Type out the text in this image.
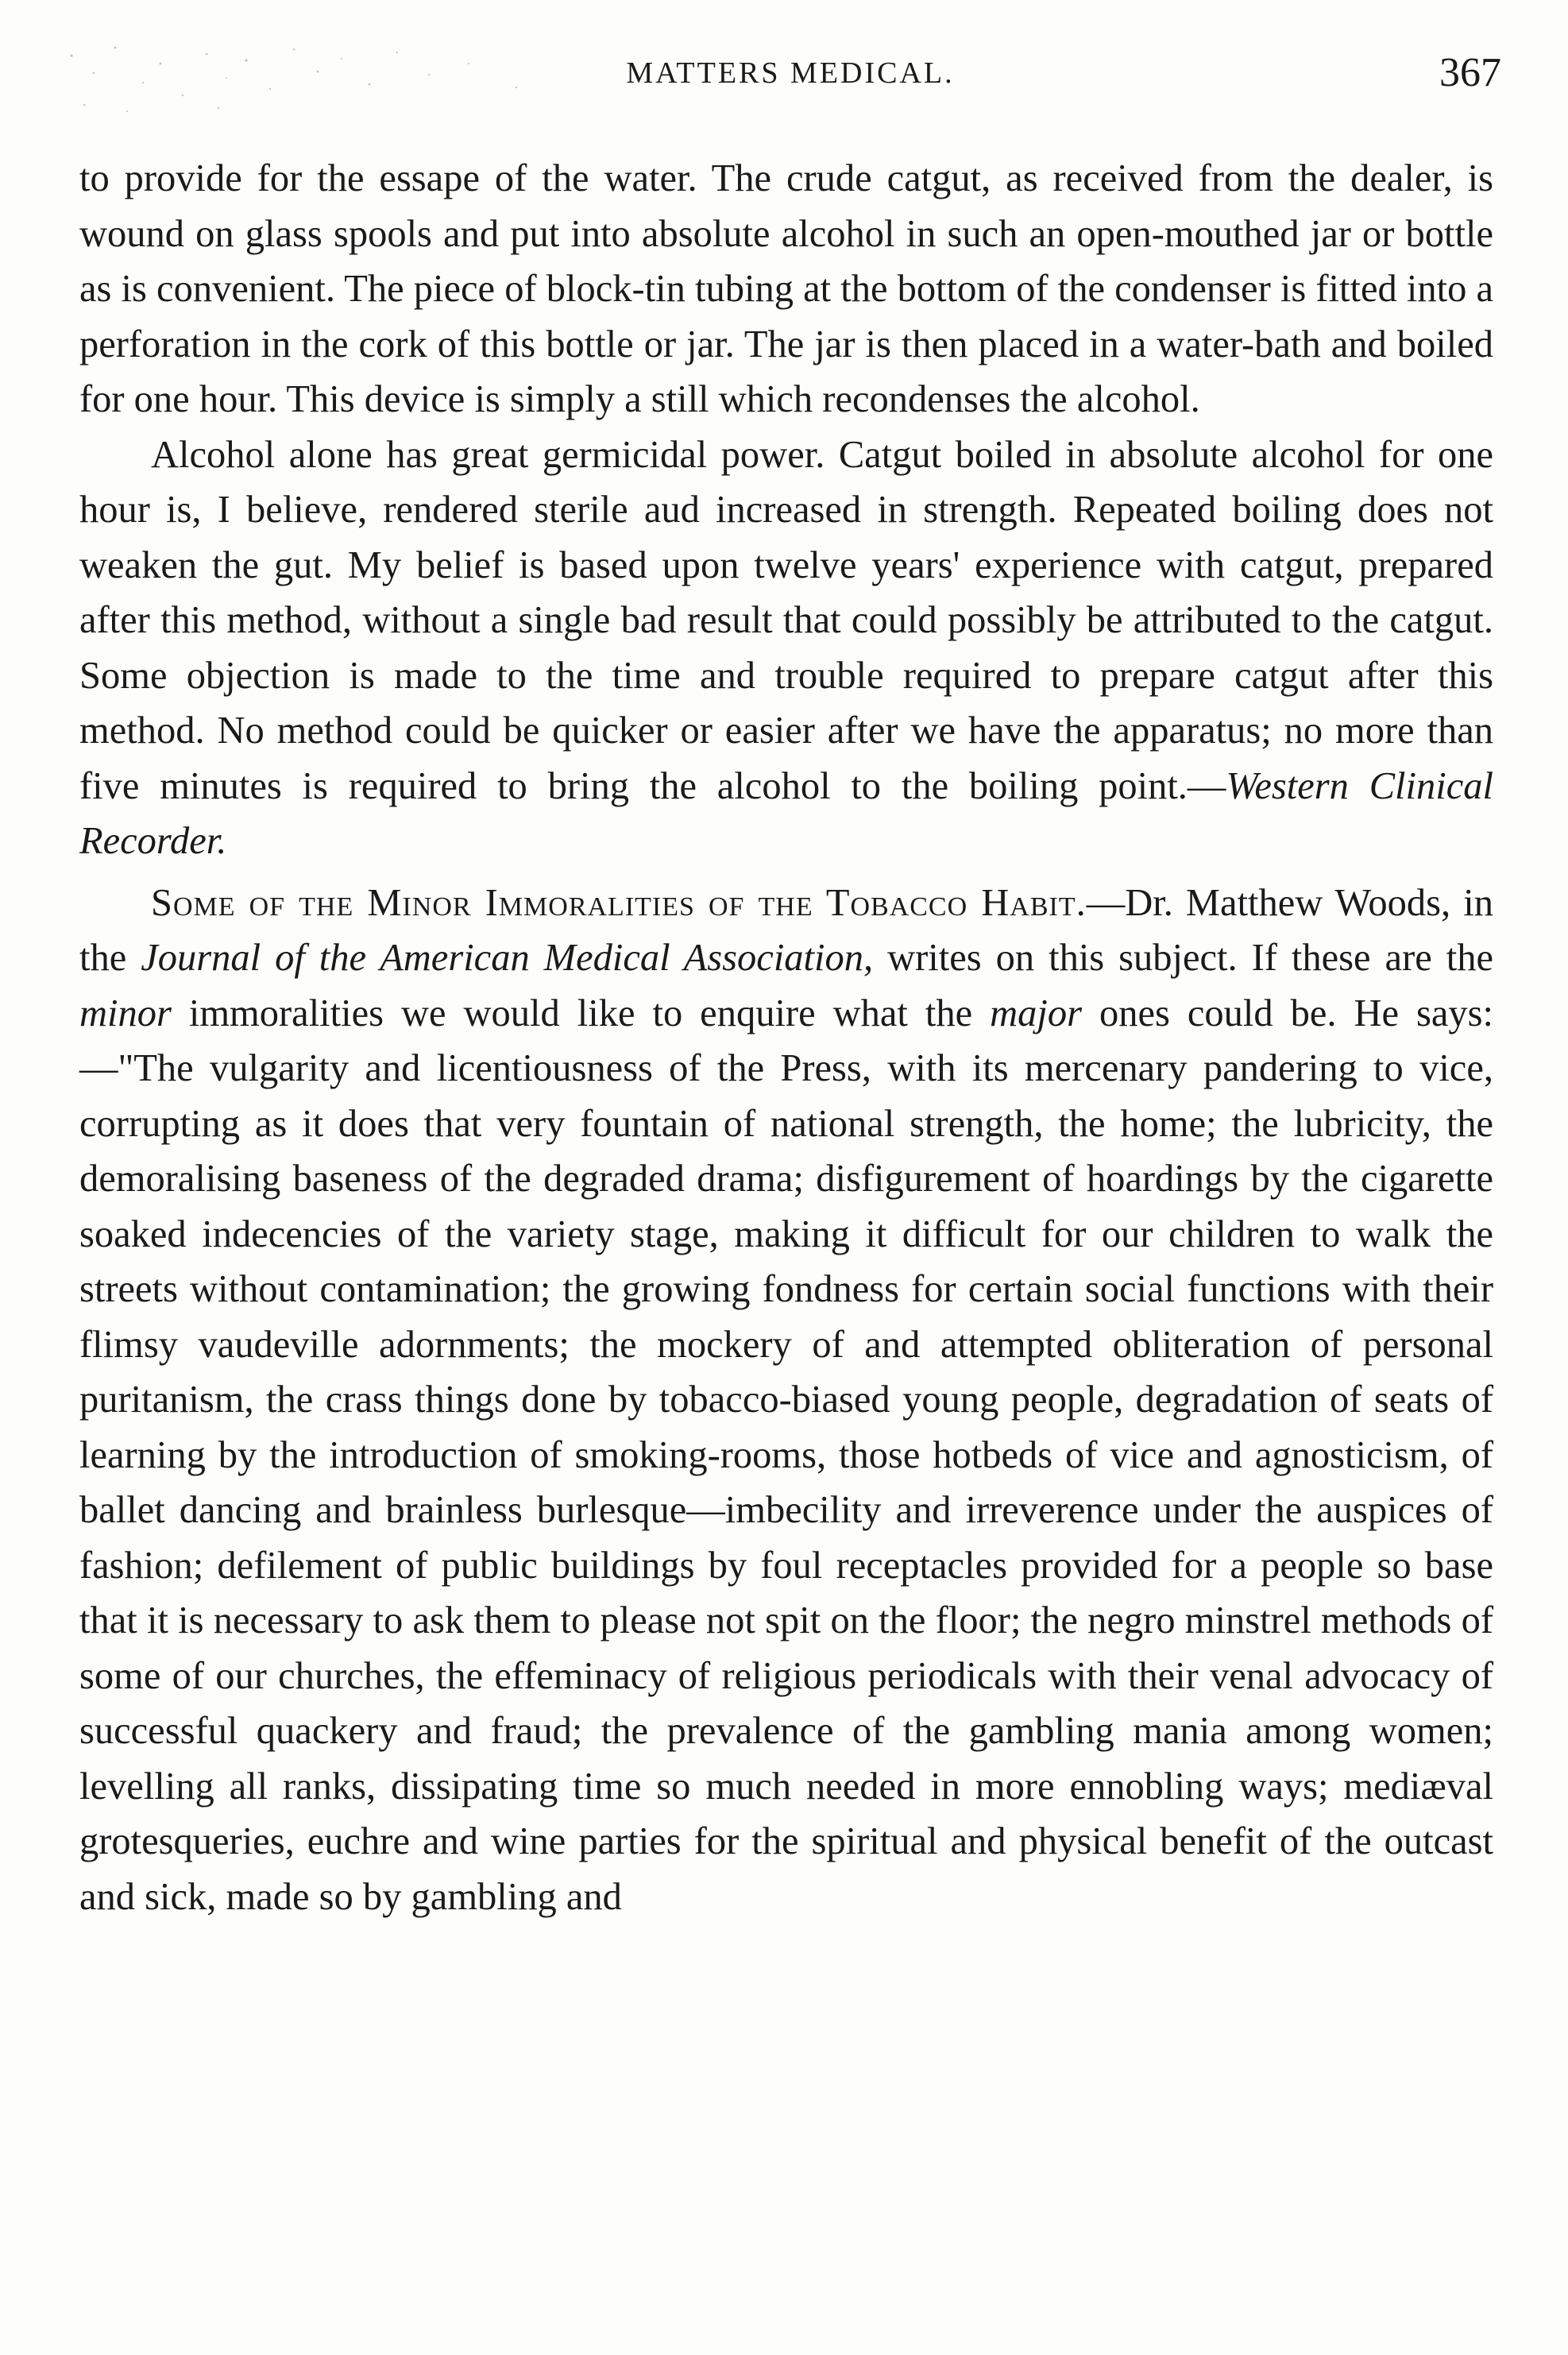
MATTERS MEDICAL.	367

to provide for the essape of the water. The crude catgut, as received from the dealer, is wound on glass spools and put into absolute alcohol in such an open-mouthed jar or bottle as is convenient. The piece of block-tin tubing at the bottom of the condenser is fitted into a perforation in the cork of this bottle or jar. The jar is then placed in a water-bath and boiled for one hour. This device is simply a still which recondenses the alcohol.

Alcohol alone has great germicidal power. Catgut boiled in absolute alcohol for one hour is, I believe, rendered sterile aud increased in strength. Repeated boiling does not weaken the gut. My belief is based upon twelve years' experience with catgut, prepared after this method, without a single bad result that could possibly be attributed to the catgut. Some objection is made to the time and trouble required to prepare catgut after this method. No method could be quicker or easier after we have the apparatus; no more than five minutes is required to bring the alcohol to the boiling point.—Western Clinical Recorder.

Some of the Minor Immoralities of the Tobacco Habit.—Dr. Matthew Woods, in the Journal of the American Medical Association, writes on this subject. If these are the minor immoralities we would like to enquire what the major ones could be. He says:—"The vulgarity and licentiousness of the Press, with its mercenary pandering to vice, corrupting as it does that very fountain of national strength, the home; the lubricity, the demoralising baseness of the degraded drama; disfigurement of hoardings by the cigarette soaked indecencies of the variety stage, making it difficult for our children to walk the streets without contamination; the growing fondness for certain social functions with their flimsy vaudeville adornments; the mockery of and attempted obliteration of personal puritanism, the crass things done by tobacco-biased young people, degradation of seats of learning by the introduction of smoking-rooms, those hotbeds of vice and agnosticism, of ballet dancing and brainless burlesque—imbecility and irreverence under the auspices of fashion; defilement of public buildings by foul receptacles provided for a people so base that it is necessary to ask them to please not spit on the floor; the negro minstrel methods of some of our churches, the effeminacy of religious periodicals with their venal advocacy of successful quackery and fraud; the prevalence of the gambling mania among women; levelling all ranks, dissipating time so much needed in more ennobling ways; mediæval grotesqueries, euchre and wine parties for the spiritual and physical benefit of the outcast and sick, made so by gambling and
